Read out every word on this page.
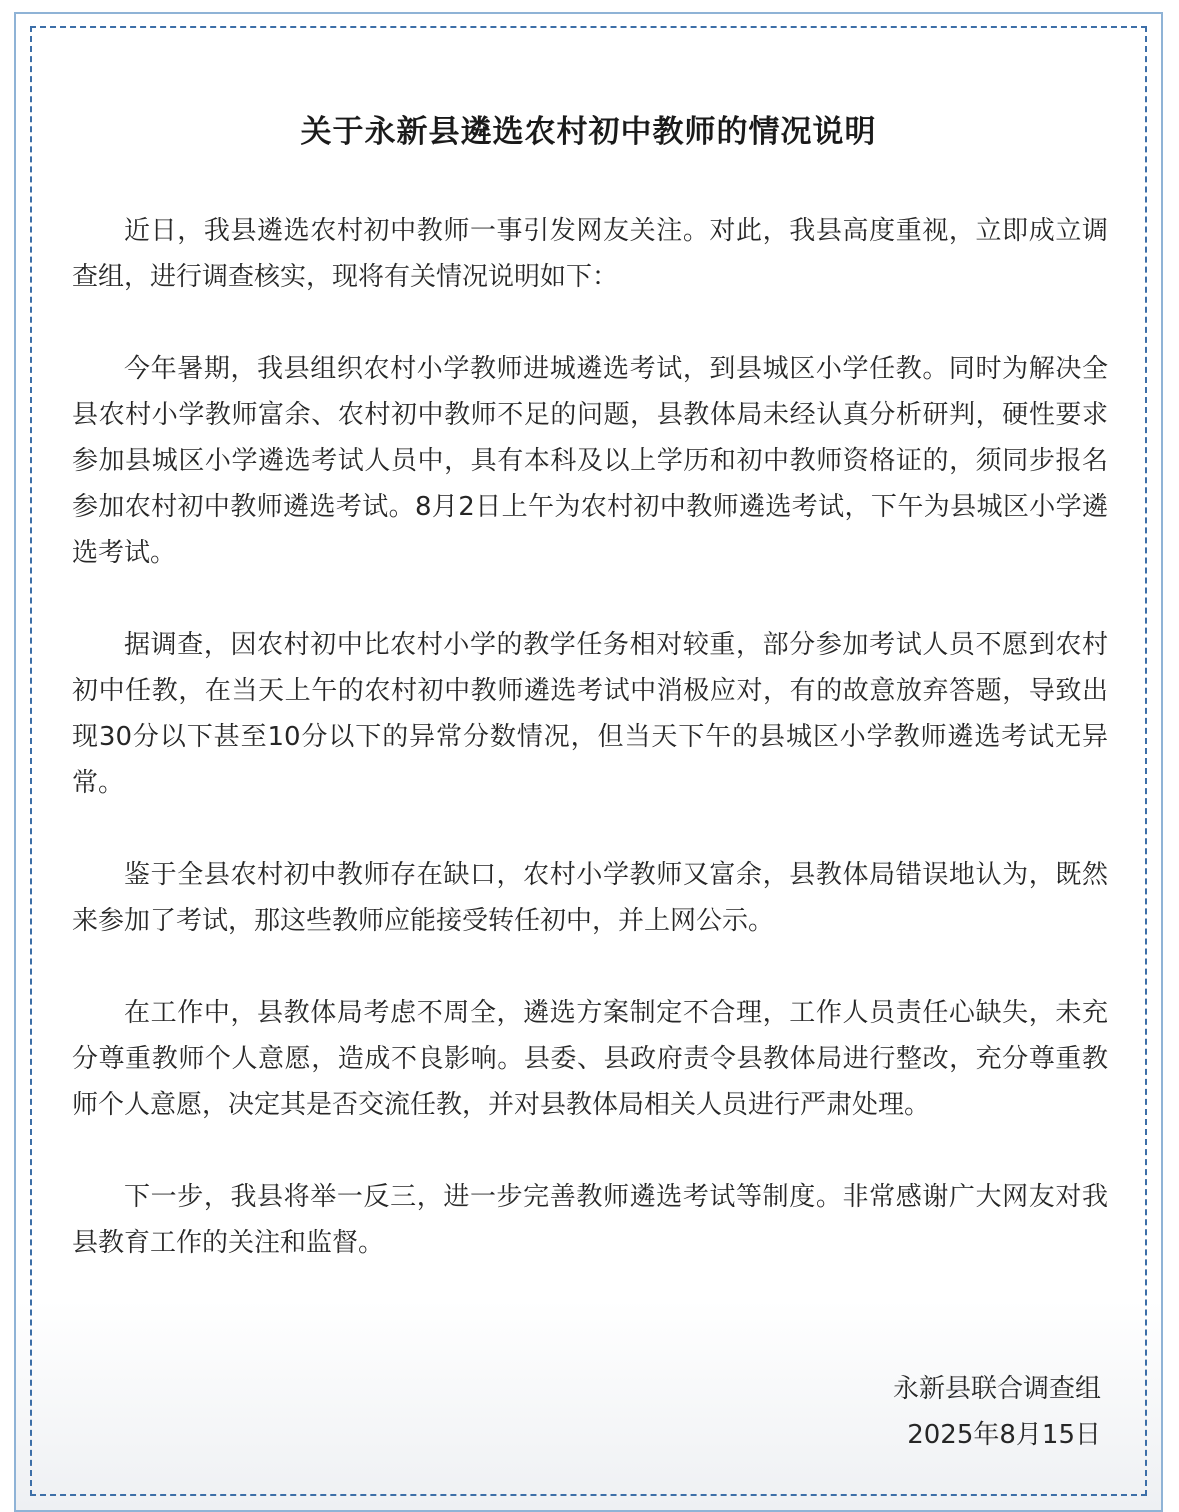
关于永新县遴选农村初中教师的情况说明

近日，我县遴选农村初中教师一事引发网友关注。对此，我县高度重视，立即成立调查组，进行调查核实，现将有关情况说明如下：

今年暑期，我县组织农村小学教师进城遴选考试，到县城区小学任教。同时为解决全县农村小学教师富余、农村初中教师不足的问题，县教体局未经认真分析研判，硬性要求参加县城区小学遴选考试人员中，具有本科及以上学历和初中教师资格证的，须同步报名参加农村初中教师遴选考试。8月2日上午为农村初中教师遴选考试，下午为县城区小学遴选考试。

据调查，因农村初中比农村小学的教学任务相对较重，部分参加考试人员不愿到农村初中任教，在当天上午的农村初中教师遴选考试中消极应对，有的故意放弃答题，导致出现30分以下甚至10分以下的异常分数情况，但当天下午的县城区小学教师遴选考试无异常。

鉴于全县农村初中教师存在缺口，农村小学教师又富余，县教体局错误地认为，既然来参加了考试，那这些教师应能接受转任初中，并上网公示。

在工作中，县教体局考虑不周全，遴选方案制定不合理，工作人员责任心缺失，未充分尊重教师个人意愿，造成不良影响。县委、县政府责令县教体局进行整改，充分尊重教师个人意愿，决定其是否交流任教，并对县教体局相关人员进行严肃处理。

下一步，我县将举一反三，进一步完善教师遴选考试等制度。非常感谢广大网友对我县教育工作的关注和监督。

永新县联合调查组
2025年8月15日
